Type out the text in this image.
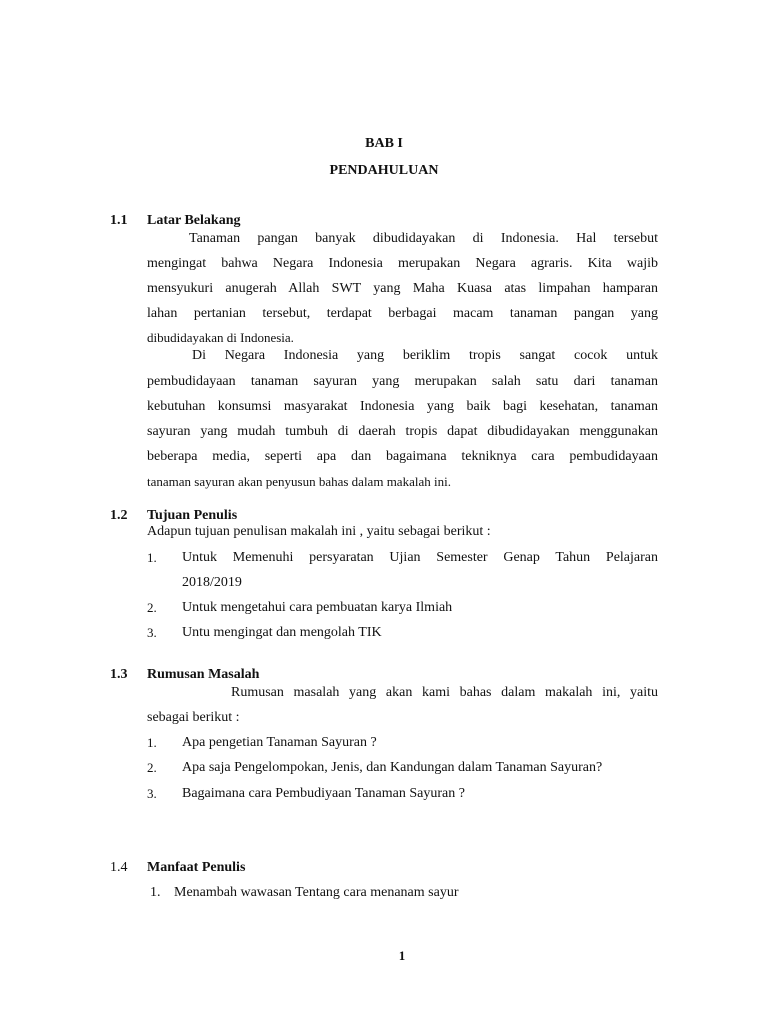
BAB I
PENDAHULUAN
1.1 Latar Belakang
Tanaman pangan banyak dibudidayakan di Indonesia. Hal tersebut
mengingat bahwa Negara Indonesia merupakan Negara agraris. Kita wajib
mensyukuri anugerah Allah SWT yang Maha Kuasa atas limpahan hamparan
lahan pertanian tersebut, terdapat berbagai macam tanaman pangan yang
dibudidayakan di Indonesia.
Di Negara Indonesia yang beriklim tropis sangat cocok untuk
pembudidayaan tanaman sayuran yang merupakan salah satu dari tanaman
kebutuhan konsumsi masyarakat Indonesia yang baik bagi kesehatan, tanaman
sayuran yang mudah tumbuh di daerah tropis dapat dibudidayakan menggunakan
beberapa media, seperti apa dan bagaimana tekniknya cara pembudidayaan
tanaman sayuran akan penyusun bahas dalam makalah ini.
1.2 Tujuan Penulis
Adapun tujuan penulisan makalah ini , yaitu sebagai berikut :
1. Untuk Memenuhi persyaratan Ujian Semester Genap Tahun Pelajaran
2018/2019
2. Untuk mengetahui cara pembuatan karya Ilmiah
3. Untu mengingat dan mengolah TIK
1.3 Rumusan Masalah
Rumusan masalah yang akan kami bahas dalam makalah ini, yaitu
sebagai berikut :
1. Apa pengetian Tanaman Sayuran ?
2. Apa saja Pengelompokan, Jenis, dan Kandungan dalam Tanaman Sayuran?
3. Bagaimana cara Pembudiyaan Tanaman Sayuran ?
1.4 Manfaat Penulis
1. Menambah wawasan Tentang cara menanam sayur
1
